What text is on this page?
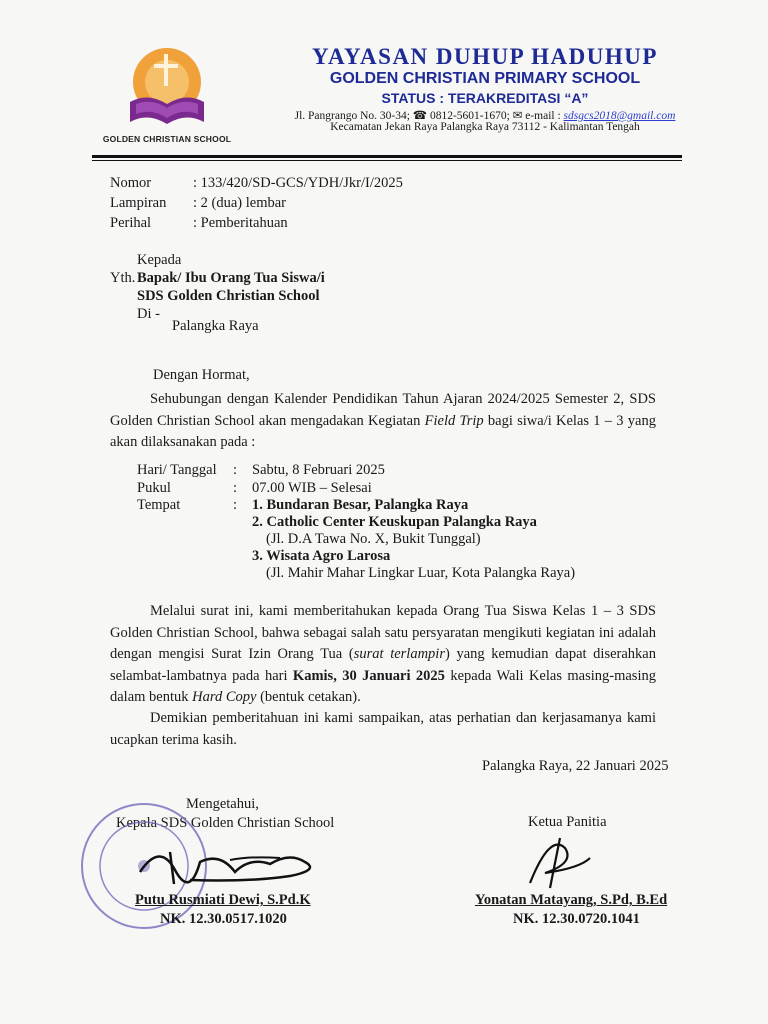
GOLDEN CHRISTIAN SCHOOL
YAYASAN DUHUP HADUHUP
GOLDEN CHRISTIAN PRIMARY SCHOOL
STATUS : TERAKREDITASI “A”
Jl. Pangrango No. 30-34; ☎ 0812-5601-1670; ✉ e-mail : sdsgcs2018@gmail.com
Kecamatan Jekan Raya Palangka Raya 73112 - Kalimantan Tengah
Nomor	: 133/420/SD-GCS/YDH/Jkr/I/2025
Lampiran	: 2 (dua) lembar
Perihal	: Pemberitahuan
Kepada
Yth. Bapak/ Ibu Orang Tua Siswa/i
SDS Golden Christian School
Di -
Palangka Raya
Dengan Hormat,
Sehubungan dengan Kalender Pendidikan Tahun Ajaran 2024/2025 Semester 2, SDS Golden Christian School akan mengadakan Kegiatan Field Trip bagi siwa/i Kelas 1 – 3 yang akan dilaksanakan pada :
Hari/ Tanggal	:	Sabtu, 8 Februari 2025
Pukul	:	07.00 WIB – Selesai
Tempat	:	1. Bundaran Besar, Palangka Raya
2. Catholic Center Keuskupan Palangka Raya
(Jl. D.A Tawa No. X, Bukit Tunggal)
3. Wisata Agro Larosa
(Jl. Mahir Mahar Lingkar Luar, Kota Palangka Raya)
Melalui surat ini, kami memberitahukan kepada Orang Tua Siswa Kelas 1 – 3 SDS Golden Christian School, bahwa sebagai salah satu persyaratan mengikuti kegiatan ini adalah dengan mengisi Surat Izin Orang Tua (surat terlampir) yang kemudian dapat diserahkan selambat-lambatnya pada hari Kamis, 30 Januari 2025 kepada Wali Kelas masing-masing dalam bentuk Hard Copy (bentuk cetakan).
Demikian pemberitahuan ini kami sampaikan, atas perhatian dan kerjasamanya kami ucapkan terima kasih.
Palangka Raya, 22 Januari 2025
Mengetahui,
Kepala SDS Golden Christian School
Putu Rusmiati Dewi, S.Pd.K
NK. 12.30.0517.1020
Ketua Panitia
Yonatan Matayang, S.Pd, B.Ed
NK. 12.30.0720.1041
